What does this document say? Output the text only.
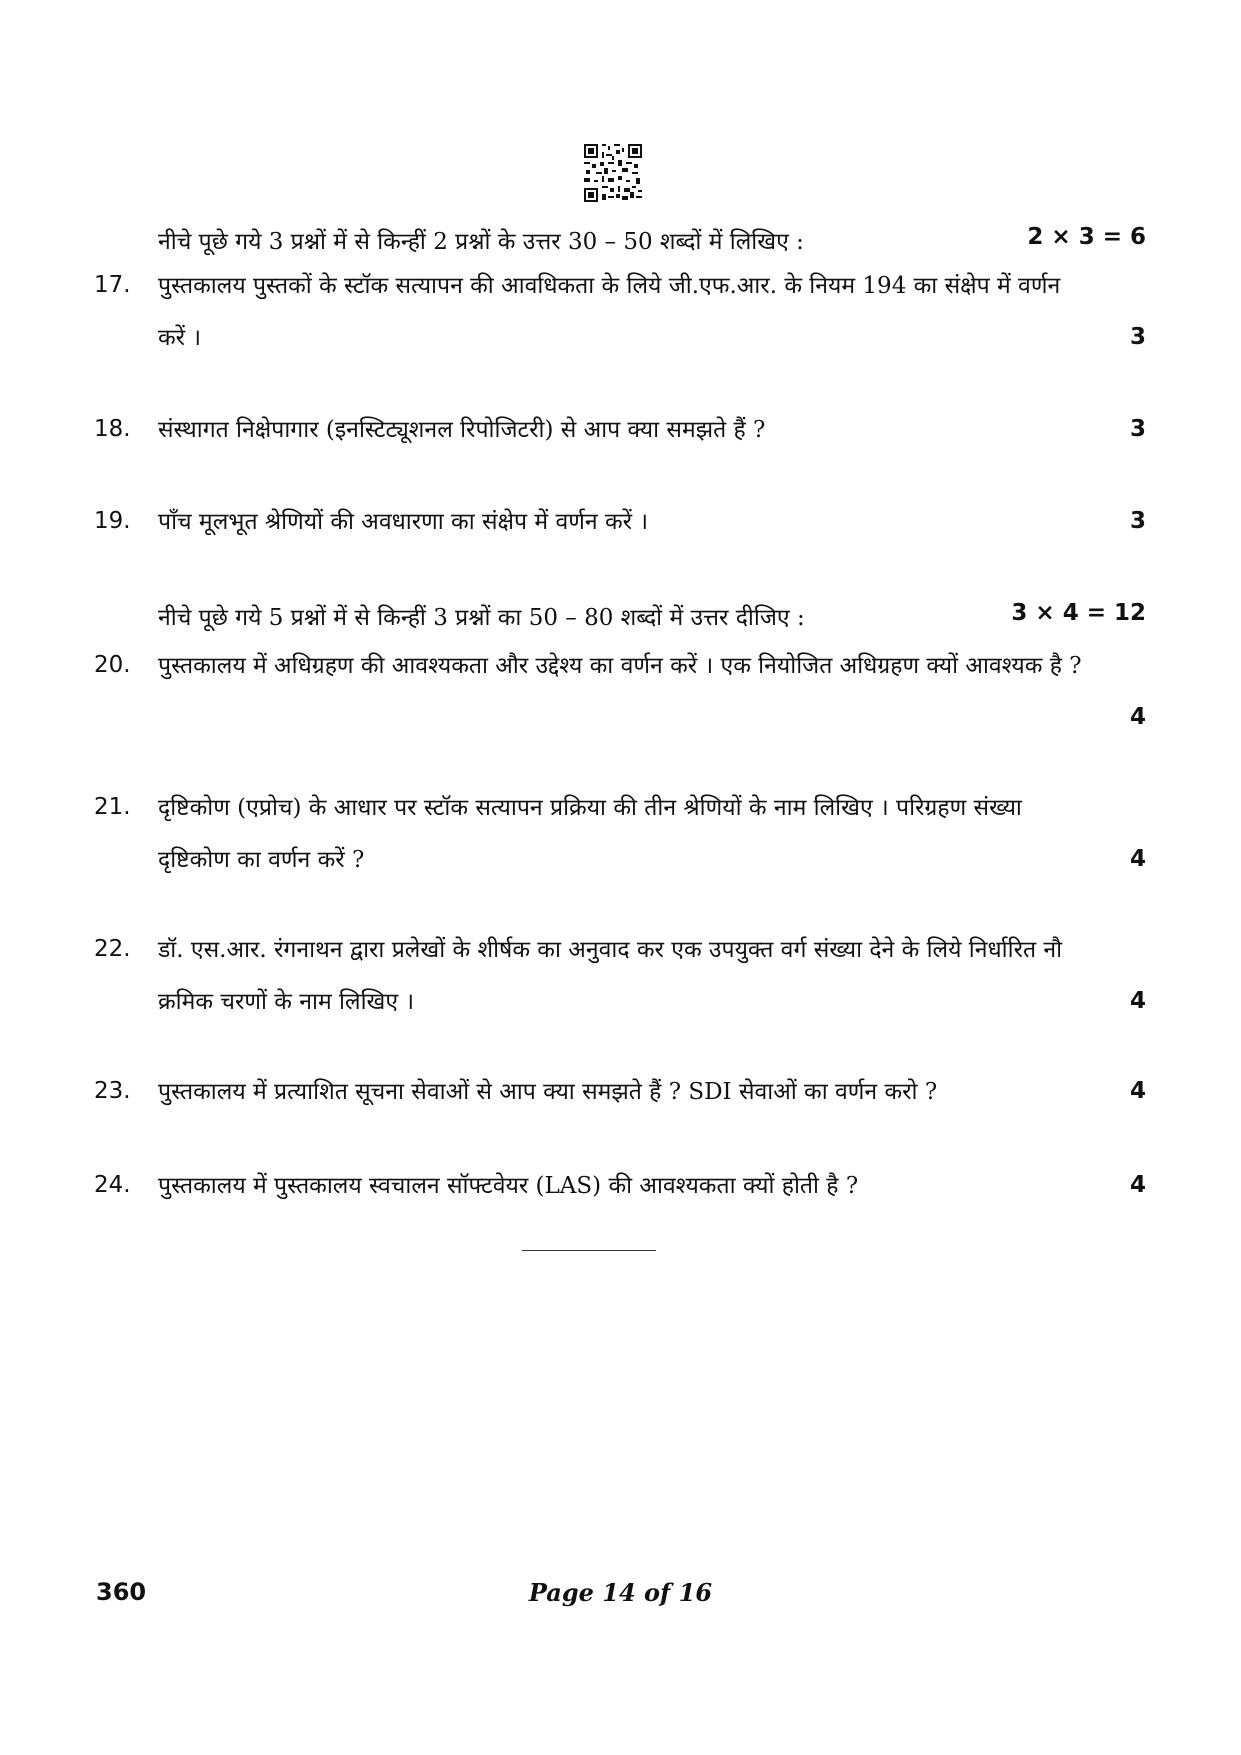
नीचे पूछे गये 3 प्रश्नों में से किन्हीं 2 प्रश्नों के उत्तर 30 – 50 शब्दों में लिखिए :	2 × 3 = 6
17.	पुस्तकालय पुस्तकों के स्टॉक सत्यापन की आवधिकता के लिये जी.एफ.आर. के नियम 194 का संक्षेप में वर्णन करें ।	3
18.	संस्थागत निक्षेपागार (इनस्टिट्यूशनल रिपोजिटरी) से आप क्या समझते हैं ?	3
19.	पाँच मूलभूत श्रेणियों की अवधारणा का संक्षेप में वर्णन करें ।	3
नीचे पूछे गये 5 प्रश्नों में से किन्हीं 3 प्रश्नों का 50 – 80 शब्दों में उत्तर दीजिए :	3 × 4 = 12
20.	पुस्तकालय में अधिग्रहण की आवश्यकता और उद्देश्य का वर्णन करें । एक नियोजित अधिग्रहण क्यों आवश्यक है ?
4
21.	दृष्टिकोण (एप्रोच) के आधार पर स्टॉक सत्यापन प्रक्रिया की तीन श्रेणियों के नाम लिखिए । परिग्रहण संख्या दृष्टिकोण का वर्णन करें ?	4
22.	डॉ. एस.आर. रंगनाथन द्वारा प्रलेखों के शीर्षक का अनुवाद कर एक उपयुक्त वर्ग संख्या देने के लिये निर्धारित नौ क्रमिक चरणों के नाम लिखिए ।	4
23.	पुस्तकालय में प्रत्याशित सूचना सेवाओं से आप क्या समझते हैं ? SDI सेवाओं का वर्णन करो ?	4
24.	पुस्तकालय में पुस्तकालय स्वचालन सॉफ्टवेयर (LAS) की आवश्यकता क्यों होती है ?	4
360	Page 14 of 16
